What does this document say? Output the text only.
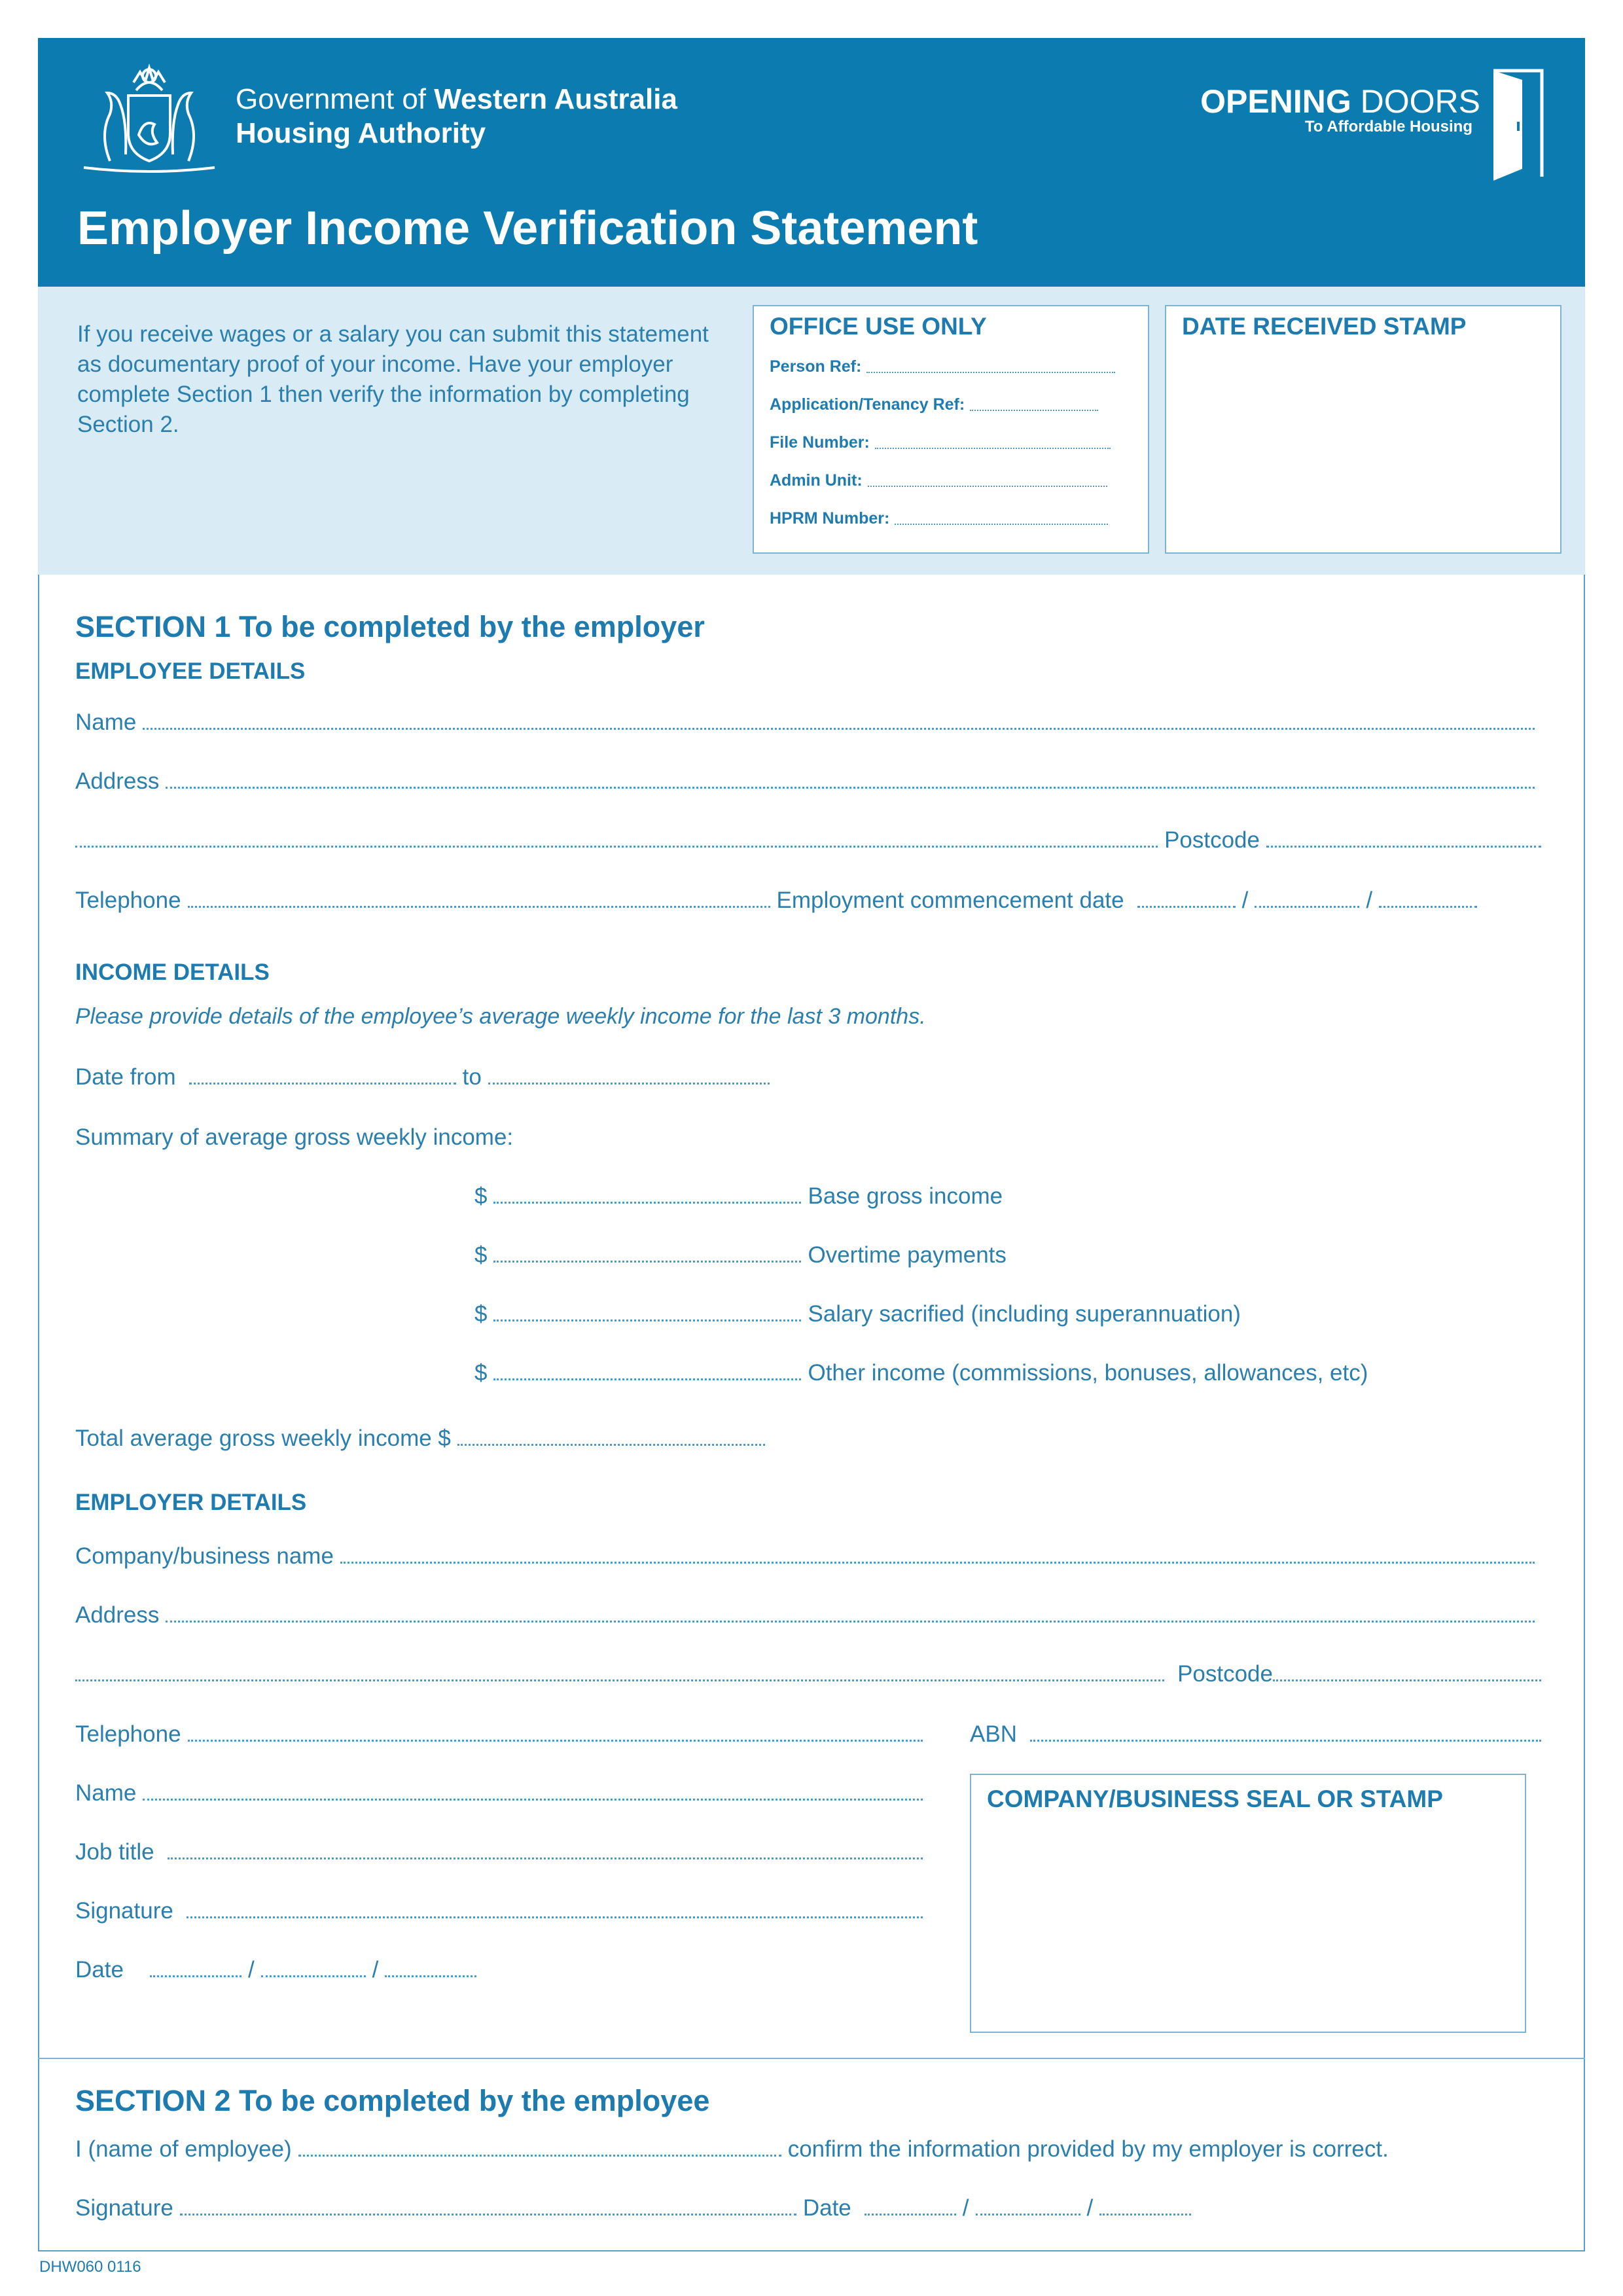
Government of Western Australia
Housing Authority
OPENING DOORS
To Affordable Housing
Employer Income Verification Statement
If you receive wages or a salary you can submit this statement as documentary proof of your income. Have your employer complete Section 1 then verify the information by completing Section 2.
OFFICE USE ONLY
Person Ref:
Application/Tenancy Ref:
File Number:
Admin Unit:
HPRM Number:
DATE RECEIVED STAMP
SECTION 1 To be completed by the employer
EMPLOYEE DETAILS
Name
Address
Postcode
Telephone	Employment commencement date	/	/
INCOME DETAILS
Please provide details of the employee’s average weekly income for the last 3 months.
Date from	to
Summary of average gross weekly income:
$	Base gross income
$	Overtime payments
$	Salary sacrified (including superannuation)
$	Other income (commissions, bonuses, allowances, etc)
Total average gross weekly income $
EMPLOYER DETAILS
Company/business name
Address
Postcode
Telephone	ABN
Name
Job title
Signature
Date	/	/
COMPANY/BUSINESS SEAL OR STAMP
SECTION 2 To be completed by the employee
I (name of employee)	confirm the information provided by my employer is correct.
Signature	Date	/	/
DHW060 0116
